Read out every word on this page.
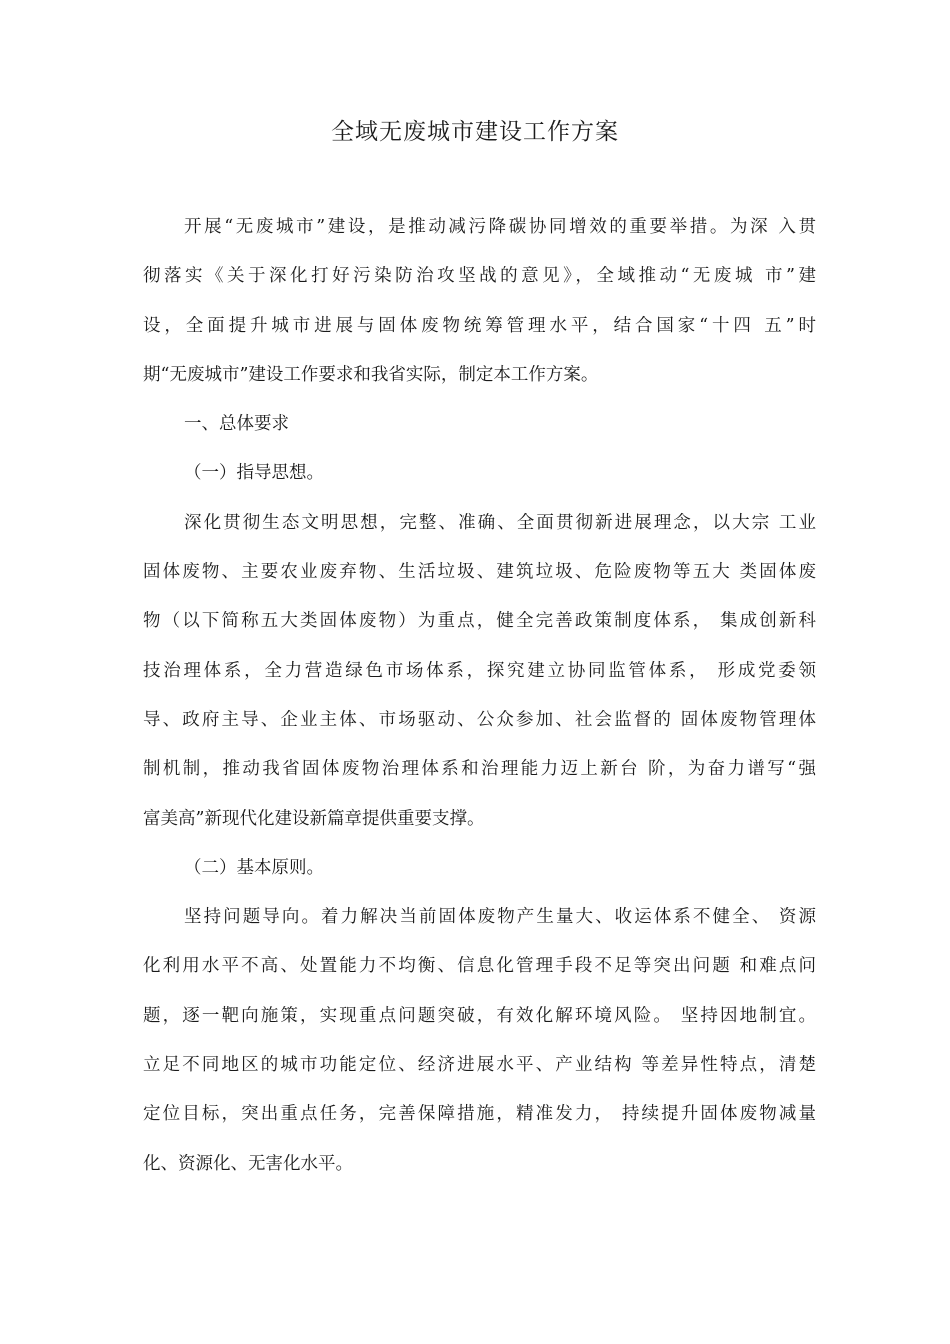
全域无废城市建设工作方案

开展“无废城市”建设，是推动减污降碳协同增效的重要举措。为深 入贯
彻落实《关于深化打好污染防治攻坚战的意见》，全域推动“无废城 市”建
设，全面提升城市进展与固体废物统筹管理水平，结合国家“十四 五”时
期“无废城市”建设工作要求和我省实际，制定本工作方案。

一、总体要求

（一）指导思想。

深化贯彻生态文明思想，完整、准确、全面贯彻新进展理念，以大宗 工业
固体废物、主要农业废弃物、生活垃圾、建筑垃圾、危险废物等五大 类固体废
物（以下简称五大类固体废物）为重点，健全完善政策制度体系， 集成创新科
技治理体系，全力营造绿色市场体系，探究建立协同监管体系， 形成党委领
导、政府主导、企业主体、市场驱动、公众参加、社会监督的 固体废物管理体
制机制，推动我省固体废物治理体系和治理能力迈上新台 阶，为奋力谱写“强
富美高”新现代化建设新篇章提供重要支撑。

（二）基本原则。

坚持问题导向。着力解决当前固体废物产生量大、收运体系不健全、 资源
化利用水平不高、处置能力不均衡、信息化管理手段不足等突出问题 和难点问
题，逐一靶向施策，实现重点问题突破，有效化解环境风险。 坚持因地制宜。
立足不同地区的城市功能定位、经济进展水平、产业结构 等差异性特点，清楚
定位目标，突出重点任务，完善保障措施，精准发力， 持续提升固体废物减量
化、资源化、无害化水平。
